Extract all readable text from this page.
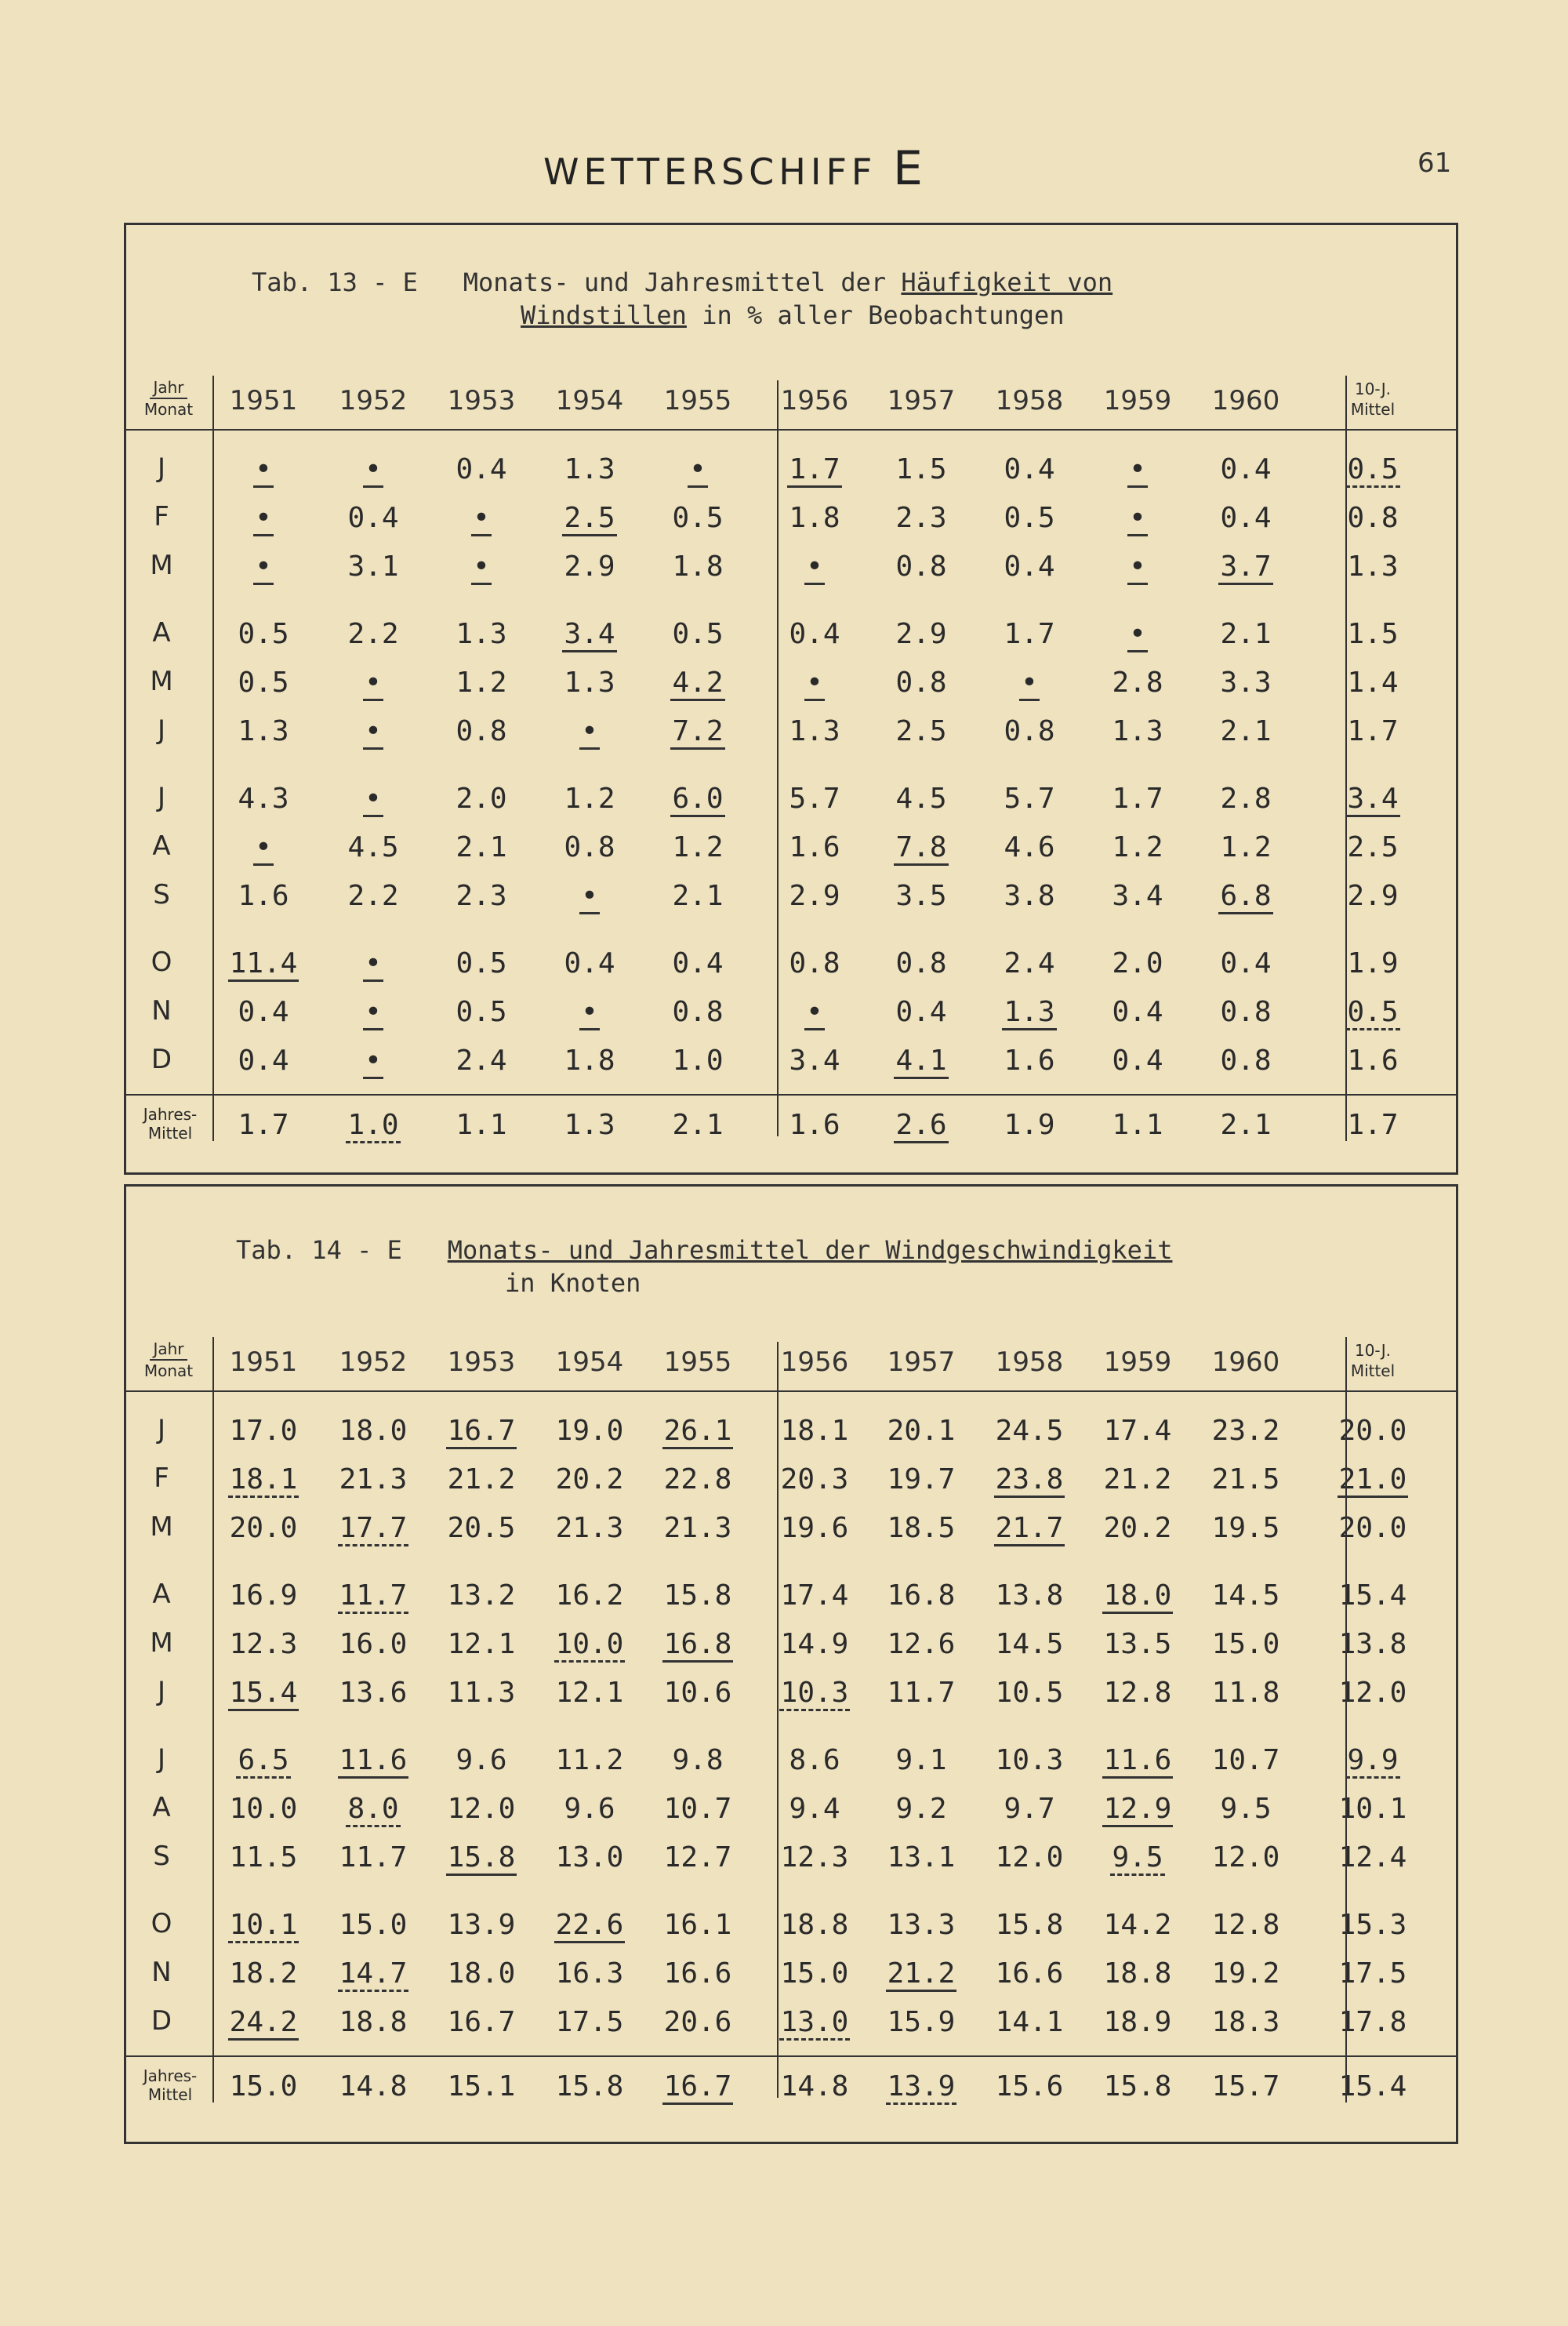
WETTERSCHIFF E	61
Tab. 13 - E Monats- und Jahresmittel der Häufigkeit von
Windstillen in % aller Beobachtungen
Jahr
Monat	1951	1952	1953	1954	1955	1956	1957	1958	1959	1960	10-J.
Mittel
J	•	•	0.4	1.3	•	1.7	1.5	0.4	•	0.4	0.5
F	•	0.4	•	2.5	0.5	1.8	2.3	0.5	•	0.4	0.8
M	•	3.1	•	2.9	1.8	•	0.8	0.4	•	3.7	1.3
A	0.5	2.2	1.3	3.4	0.5	0.4	2.9	1.7	•	2.1	1.5
M	0.5	•	1.2	1.3	4.2	•	0.8	•	2.8	3.3	1.4
J	1.3	•	0.8	•	7.2	1.3	2.5	0.8	1.3	2.1	1.7
J	4.3	•	2.0	1.2	6.0	5.7	4.5	5.7	1.7	2.8	3.4
A	•	4.5	2.1	0.8	1.2	1.6	7.8	4.6	1.2	1.2	2.5
S	1.6	2.2	2.3	•	2.1	2.9	3.5	3.8	3.4	6.8	2.9
O	11.4	•	0.5	0.4	0.4	0.8	0.8	2.4	2.0	0.4	1.9
N	0.4	•	0.5	•	0.8	•	0.4	1.3	0.4	0.8	0.5
D	0.4	•	2.4	1.8	1.0	3.4	4.1	1.6	0.4	0.8	1.6
Jahres-
Mittel	1.7	1.0	1.1	1.3	2.1	1.6	2.6	1.9	1.1	2.1	1.7
Tab. 14 - E Monats- und Jahresmittel der Windgeschwindigkeit
in Knoten
Jahr
Monat	1951	1952	1953	1954	1955	1956	1957	1958	1959	1960	10-J.
Mittel
J	17.0	18.0	16.7	19.0	26.1	18.1	20.1	24.5	17.4	23.2	20.0
F	18.1	21.3	21.2	20.2	22.8	20.3	19.7	23.8	21.2	21.5	21.0
M	20.0	17.7	20.5	21.3	21.3	19.6	18.5	21.7	20.2	19.5	20.0
A	16.9	11.7	13.2	16.2	15.8	17.4	16.8	13.8	18.0	14.5	15.4
M	12.3	16.0	12.1	10.0	16.8	14.9	12.6	14.5	13.5	15.0	13.8
J	15.4	13.6	11.3	12.1	10.6	10.3	11.7	10.5	12.8	11.8	12.0
J	6.5	11.6	9.6	11.2	9.8	8.6	9.1	10.3	11.6	10.7	9.9
A	10.0	8.0	12.0	9.6	10.7	9.4	9.2	9.7	12.9	9.5	10.1
S	11.5	11.7	15.8	13.0	12.7	12.3	13.1	12.0	9.5	12.0	12.4
O	10.1	15.0	13.9	22.6	16.1	18.8	13.3	15.8	14.2	12.8	15.3
N	18.2	14.7	18.0	16.3	16.6	15.0	21.2	16.6	18.8	19.2	17.5
D	24.2	18.8	16.7	17.5	20.6	13.0	15.9	14.1	18.9	18.3	17.8
Jahres-
Mittel	15.0	14.8	15.1	15.8	16.7	14.8	13.9	15.6	15.8	15.7	15.4
